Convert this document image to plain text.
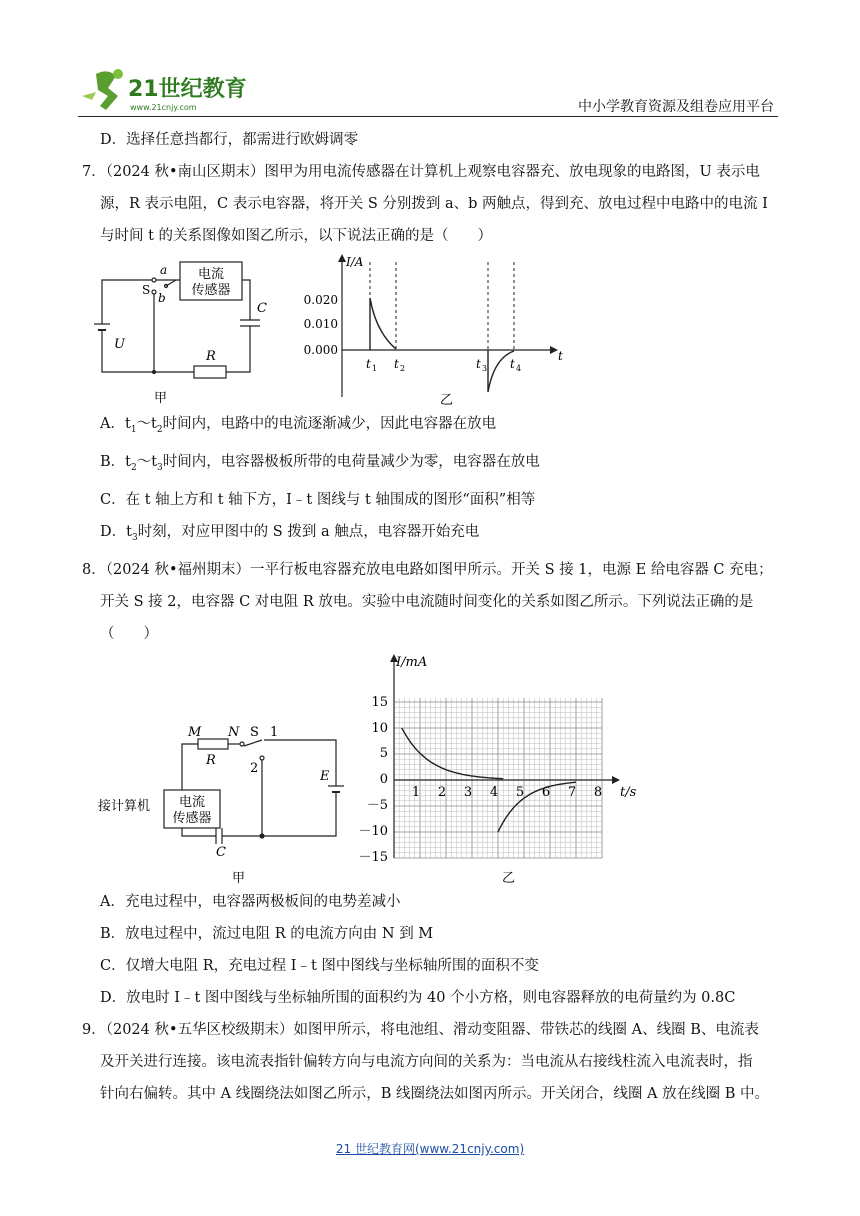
21世纪教育
www.21cnjy.com	中小学教育资源及组卷应用平台
D．选择任意挡都行，都需进行欧姆调零
7．（2024 秋•南山区期末）图甲为用电流传感器在计算机上观察电容器充、放电现象的电路图，U 表示电
源，R 表示电阻，C 表示电容器，将开关 S 分别拨到 a、b 两触点，得到充、放电过程中电路中的电流 I
与时间 t 的关系图像如图乙所示，以下说法正确的是（　　）
电流
传感器
a
b
S
C
U
R
甲
I/A
t
0.020
0.010
0.000
t 1 t 2	t 3 t 4
乙
A．$t_1\sim t_2$时间内，电路中的电流逐渐减少，因此电容器在放电
B．$t_2\sim t_3$时间内，电容器极板所带的电荷量减少为零，电容器在放电
C．在 t 轴上方和 t 轴下方，I﹣t 图线与 t 轴围成的图形“面积”相等
D．$t_3$时刻，对应甲图中的 S 拨到 a 触点，电容器开始充电
8．（2024 秋•福州期末）一平行板电容器充放电电路如图甲所示。开关 S 接 1，电源 E 给电容器 C 充电；
开关 S 接 2，电容器 C 对电阻 R 放电。实验中电流随时间变化的关系如图乙所示。下列说法正确的是
（　　）
M N S 1
2
R
E
C
接计算机 电流
传感器
甲
I/mA
t/s
15
10
5
0
－5
－10
－15
1 2 3 4 5 6 7 8
乙
A．充电过程中，电容器两极板间的电势差减小
B．放电过程中，流过电阻 R 的电流方向由 N 到 M
C．仅增大电阻 R，充电过程 I﹣t 图中图线与坐标轴所围的面积不变
D．放电时 I﹣t 图中图线与坐标轴所围的面积约为 40 个小方格，则电容器释放的电荷量约为 0.8C
9．（2024 秋•五华区校级期末）如图甲所示，将电池组、滑动变阻器、带铁芯的线圈 A、线圈 B、电流表
及开关进行连接。该电流表指针偏转方向与电流方向间的关系为：当电流从右接线柱流入电流表时，指
针向右偏转。其中 A 线圈绕法如图乙所示，B 线圈绕法如图丙所示。开关闭合，线圈 A 放在线圈 B 中。
21 世纪教育网(www.21cnjy.com)
